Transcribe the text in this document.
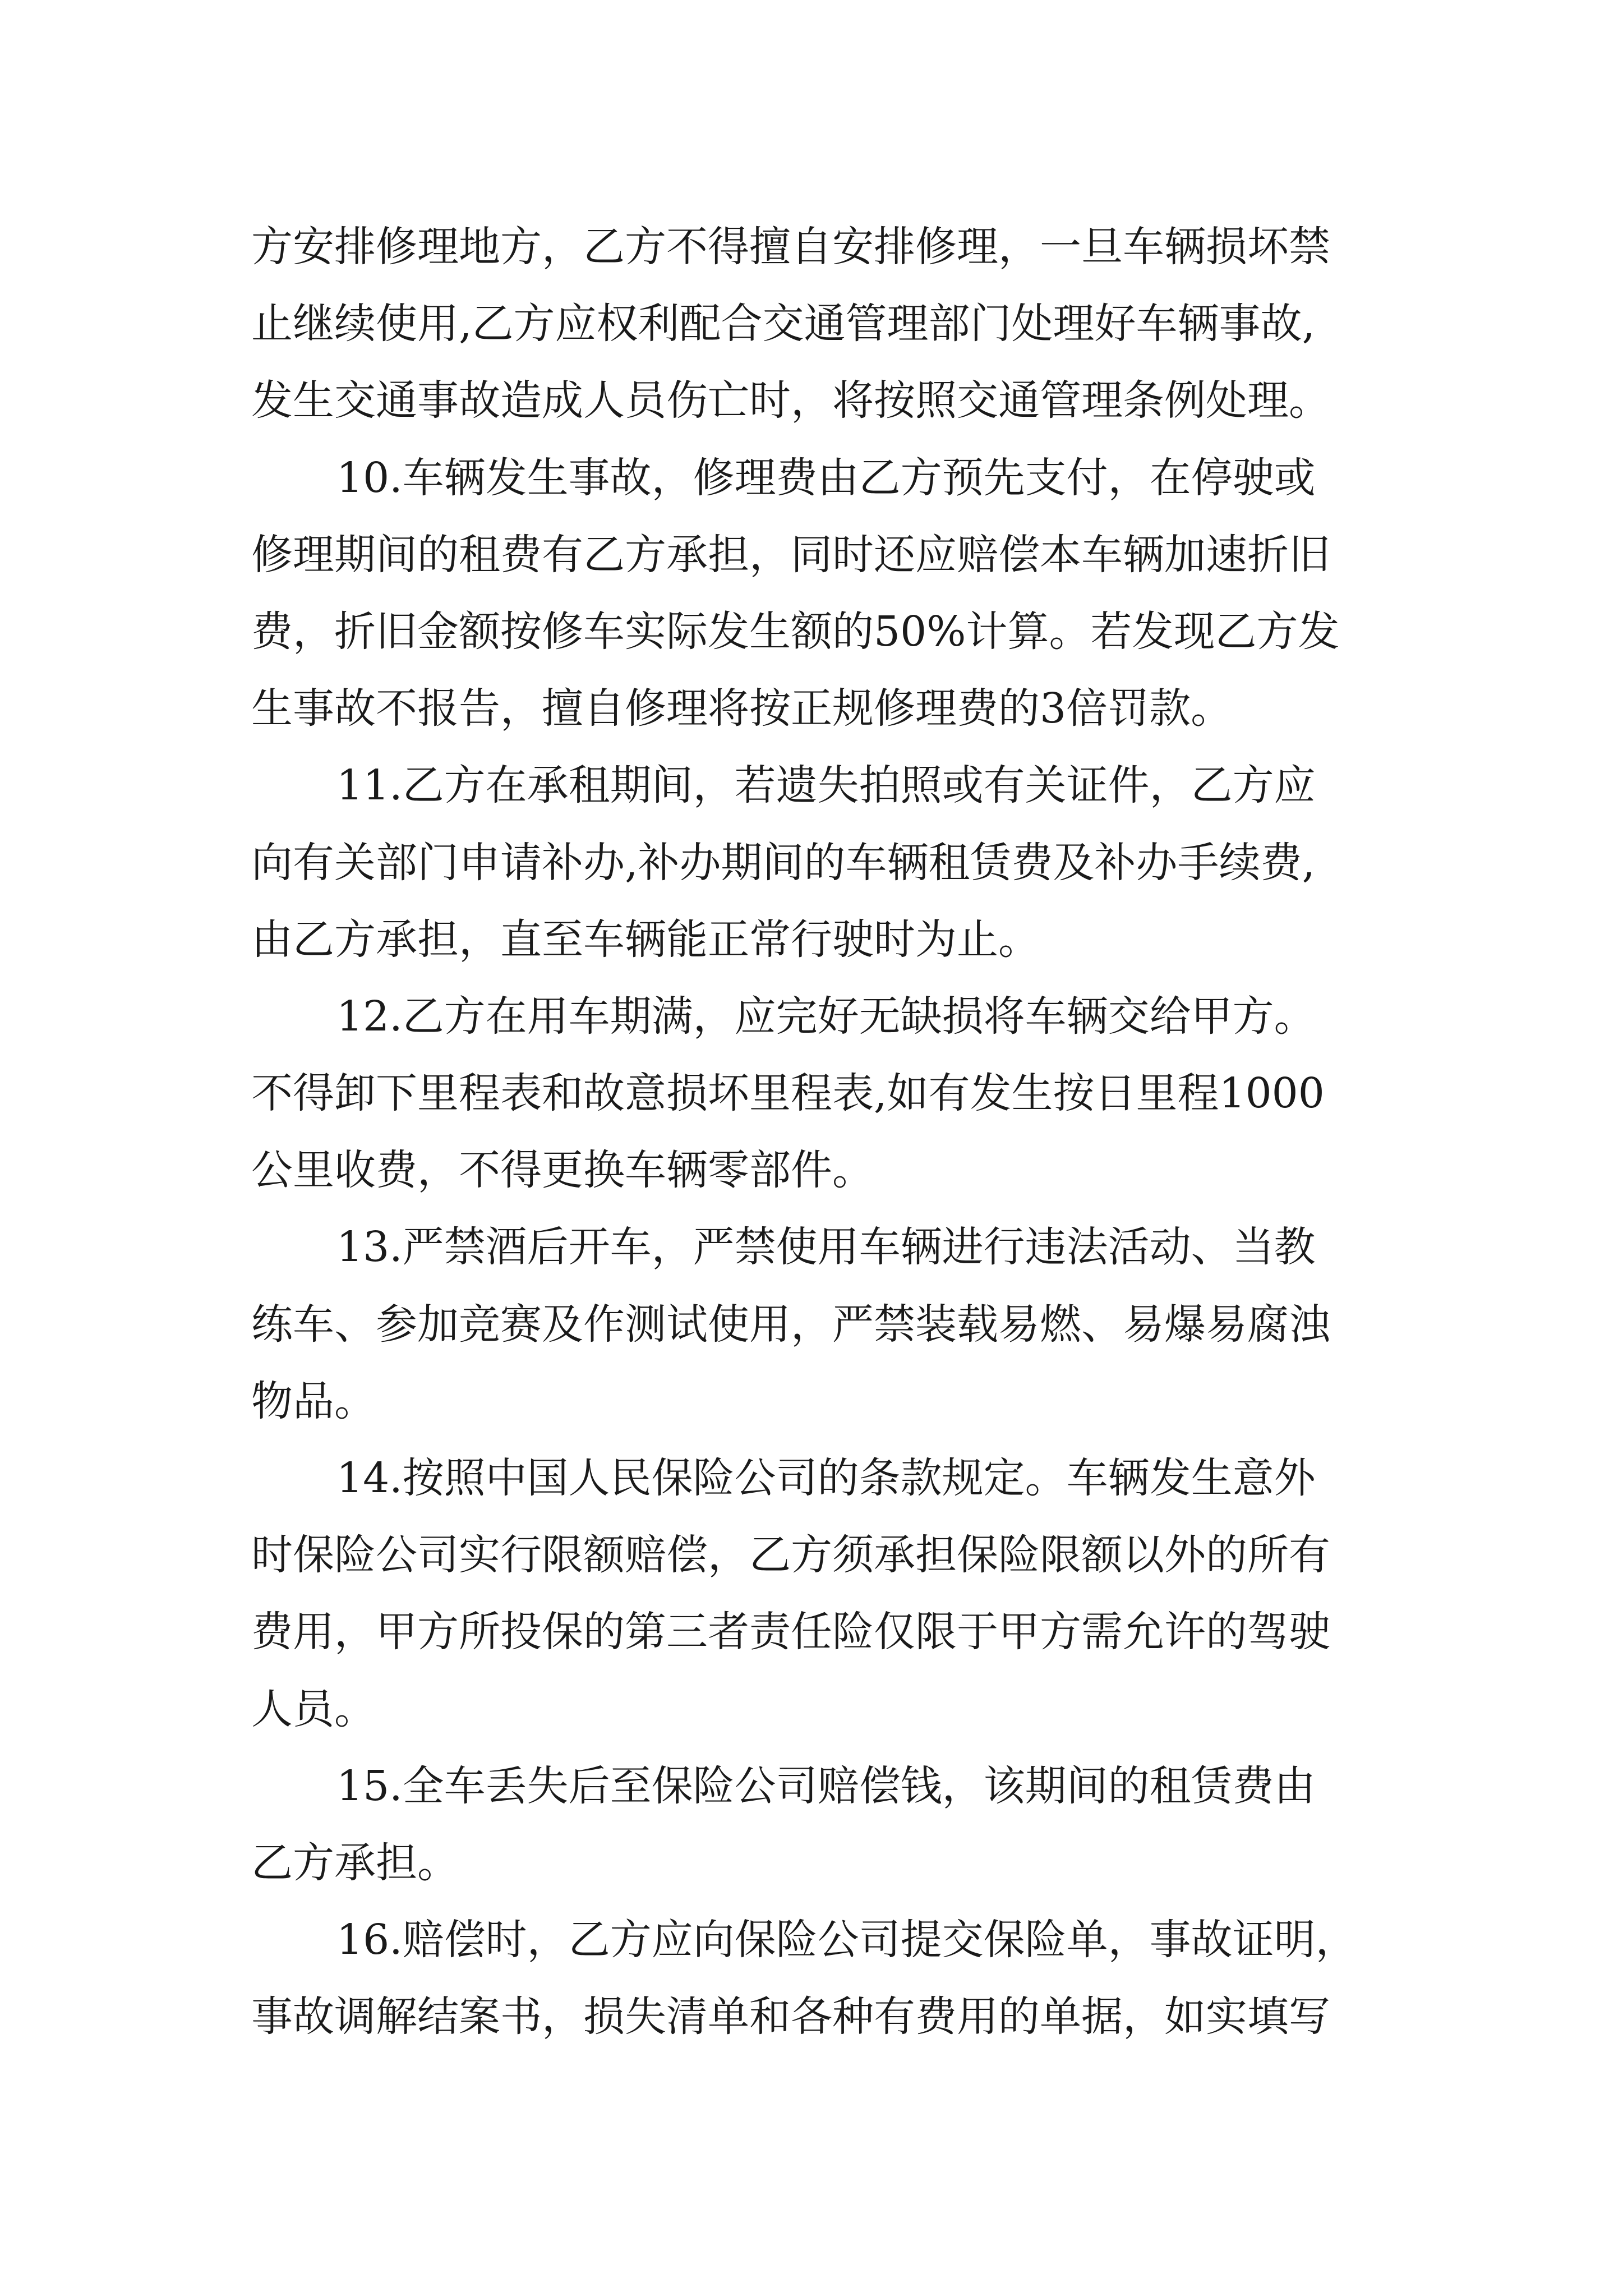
方安排修理地方，乙方不得擅自安排修理，一旦车辆损坏禁
止继续使用,乙方应权利配合交通管理部门处理好车辆事故,
发生交通事故造成人员伤亡时，将按照交通管理条例处理。
10.车辆发生事故，修理费由乙方预先支付，在停驶或
修理期间的租费有乙方承担，同时还应赔偿本车辆加速折旧
费，折旧金额按修车实际发生额的50%计算。若发现乙方发
生事故不报告，擅自修理将按正规修理费的3倍罚款。
11.乙方在承租期间，若遗失拍照或有关证件，乙方应
向有关部门申请补办,补办期间的车辆租赁费及补办手续费,
由乙方承担，直至车辆能正常行驶时为止。
12.乙方在用车期满，应完好无缺损将车辆交给甲方。
不得卸下里程表和故意损坏里程表,如有发生按日里程1000
公里收费，不得更换车辆零部件。
13.严禁酒后开车，严禁使用车辆进行违法活动、当教
练车、参加竞赛及作测试使用，严禁装载易燃、易爆易腐浊
物品。
14.按照中国人民保险公司的条款规定。车辆发生意外
时保险公司实行限额赔偿，乙方须承担保险限额以外的所有
费用，甲方所投保的第三者责任险仅限于甲方需允许的驾驶
人员。
15.全车丢失后至保险公司赔偿钱，该期间的租赁费由
乙方承担。
16.赔偿时，乙方应向保险公司提交保险单，事故证明，
事故调解结案书，损失清单和各种有费用的单据，如实填写
